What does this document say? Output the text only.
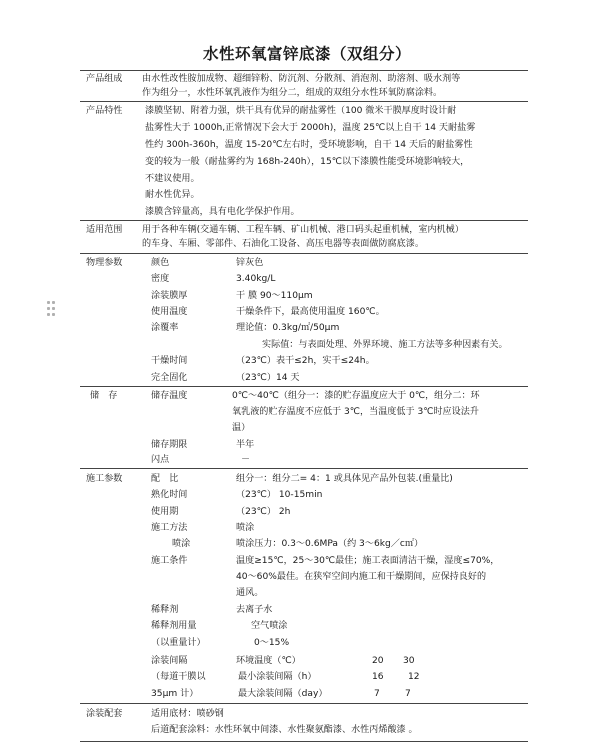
水性环氧富锌底漆（双组分）
产品组成 由水性改性胺加成物、超细锌粉、防沉剂、分散剂、消泡剂、助溶剂、吸水剂等
作为组分一，水性环氧乳液作为组分二，组成的双组分水性环氧防腐涂料。
产品特性 漆膜坚韧、附着力强，烘干具有优异的耐盐雾性（100 微米干膜厚度时设计耐
盐雾性大于 1000h,正常情况下会大于 2000h)，温度 25℃以上自干 14 天耐盐雾
性约 300h-360h，温度 15-20℃左右时，受环境影响，自干 14 天后的耐盐雾性
变的较为一般（耐盐雾约为 168h-240h），15℃以下漆膜性能受环境影响较大，
不建议使用。
耐水性优异。
漆膜含锌量高，具有电化学保护作用。
适用范围 用于各种车辆(交通车辆、工程车辆、矿山机械、港口码头起重机械，室内机械）
的车身、车厢、零部件、石油化工设备、高压电器等表面做防腐底漆。
物理参数	颜色	锌灰色
密度	3.40kg/L
涂装膜厚	干 膜 90～110μm
使用温度	干燥条件下，最高使用温度 160℃。
涂覆率	理论值：0.3kg/㎡/50μm
实际值：与表面处理、外界环境、施工方法等多种因素有关。
干燥时间	（23℃）表干≤2h，实干≤24h。
完全固化	（23℃）14 天
储　存	储存温度	0℃～40℃（组分一：漆的贮存温度应大于 0℃，组分二：环
氧乳液的贮存温度不应低于 3℃，当温度低于 3℃时应设法升
温）
储存期限	半年
闪点	－
施工参数	配　比	组分一：组分二= 4：1 或具体见产品外包装.(重量比)
熟化时间	（23℃） 10-15min
使用期	（23℃） 2h
施工方法	喷涂
喷涂	喷涂压力：0.3～0.6MPa（约 3～6kg／c㎡）
施工条件	温度≥15℃，25～30℃最佳；施工表面清洁干燥，湿度≤70%，
40～60%最佳。在狭窄空间内施工和干燥期间，应保持良好的
通风。
稀释剂	去离子水
稀释剂用量	空气喷涂
（以重量计）	0～15%
涂装间隔	环境温度（℃）	20 30
（每道干膜以	最小涂装间隔（h）	16	12
35μm 计）	最大涂装间隔（day）	7	7
涂装配套	适用底材：喷砂钢
后道配套涂料：水性环氧中间漆、水性聚氨酯漆、水性丙烯酸漆 。
